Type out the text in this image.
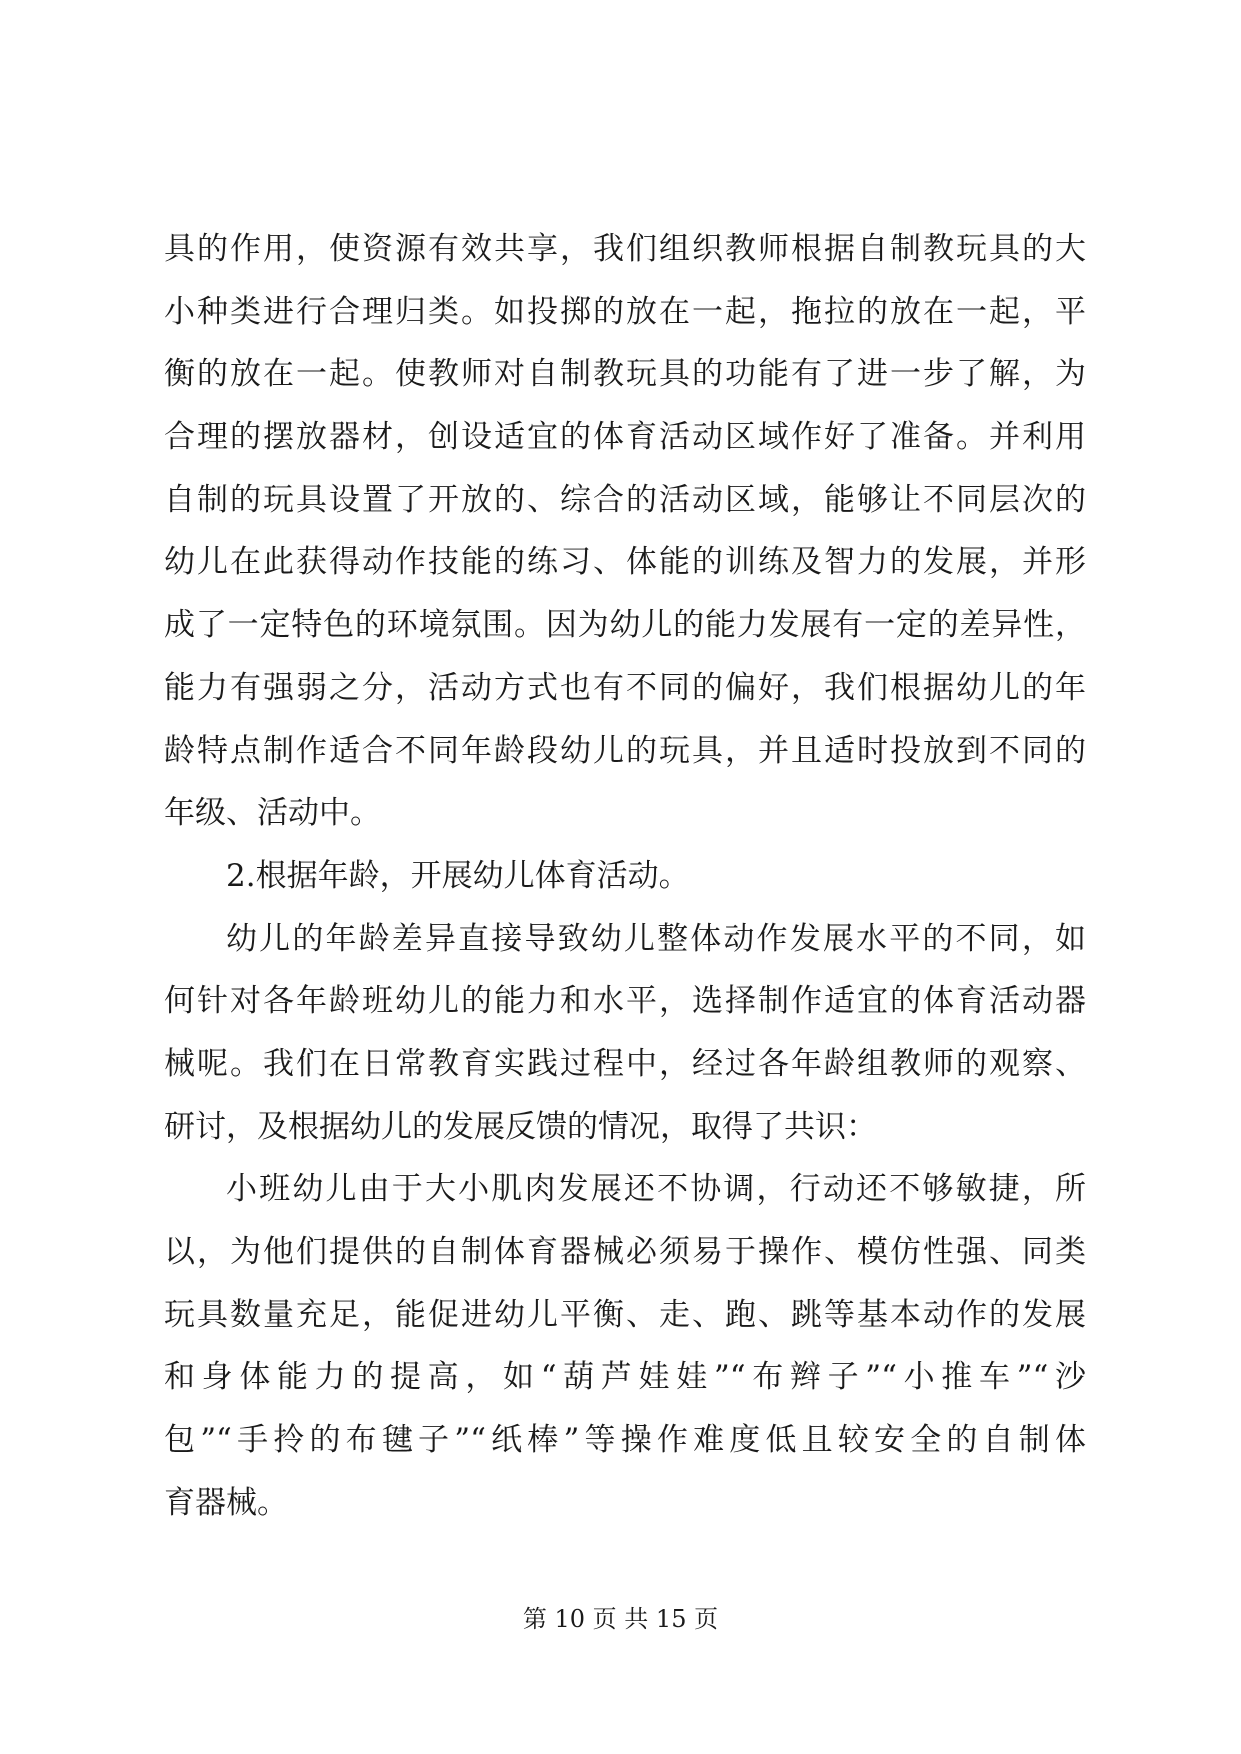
具的作用，使资源有效共享，我们组织教师根据自制教玩具的大
小种类进行合理归类。如投掷的放在一起，拖拉的放在一起，平
衡的放在一起。使教师对自制教玩具的功能有了进一步了解，为
合理的摆放器材，创设适宜的体育活动区域作好了准备。并利用
自制的玩具设置了开放的、综合的活动区域，能够让不同层次的
幼儿在此获得动作技能的练习、体能的训练及智力的发展，并形
成了一定特色的环境氛围。因为幼儿的能力发展有一定的差异性，
能力有强弱之分，活动方式也有不同的偏好，我们根据幼儿的年
龄特点制作适合不同年龄段幼儿的玩具，并且适时投放到不同的
年级、活动中。
2.根据年龄，开展幼儿体育活动。
幼儿的年龄差异直接导致幼儿整体动作发展水平的不同，如
何针对各年龄班幼儿的能力和水平，选择制作适宜的体育活动器
械呢。我们在日常教育实践过程中，经过各年龄组教师的观察、
研讨，及根据幼儿的发展反馈的情况，取得了共识：
小班幼儿由于大小肌肉发展还不协调，行动还不够敏捷，所
以，为他们提供的自制体育器械必须易于操作、模仿性强、同类
玩具数量充足，能促进幼儿平衡、走、跑、跳等基本动作的发展
和身体能力的提高，如“葫芦娃娃”“布辫子”“小推车”“沙
包”“手拎的布毽子”“纸棒”等操作难度低且较安全的自制体
育器械。
第 10 页 共 15 页
